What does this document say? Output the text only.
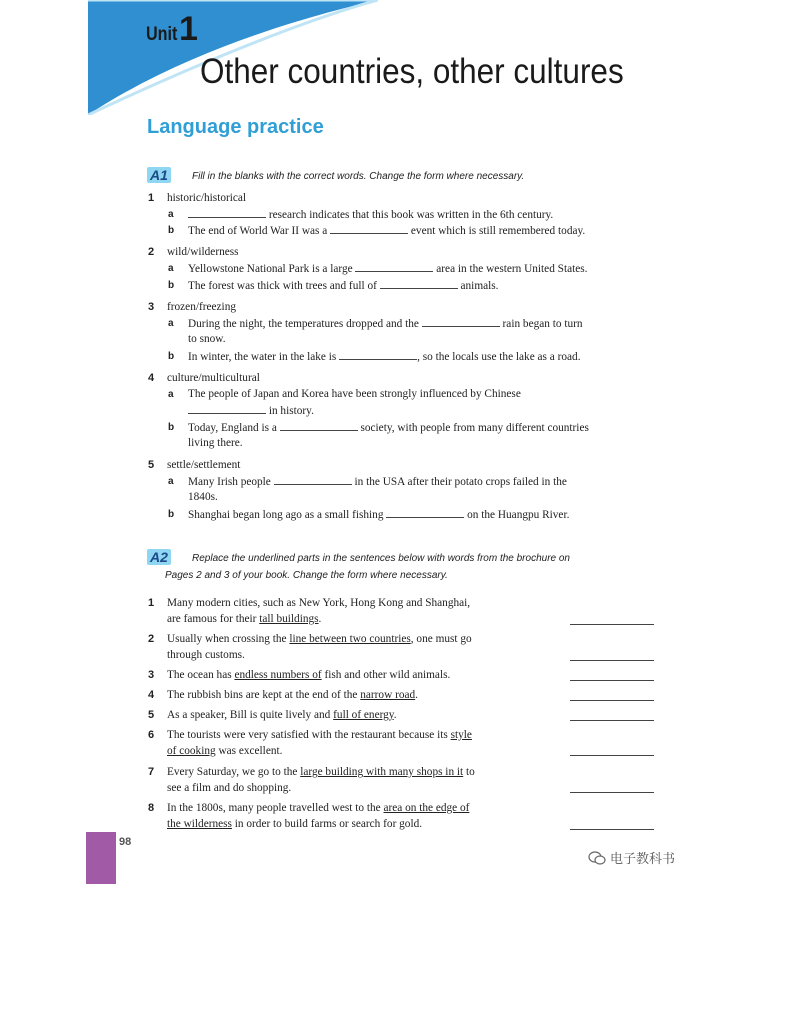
Unit 1
Other countries, other cultures
Language practice
A1	Fill in the blanks with the correct words. Change the form where necessary.
1 historic/historical
a	research indicates that this book was written in the 6th century.
b The end of World War II was a	event which is still remembered today.
2 wild/wilderness
a Yellowstone National Park is a large	area in the western United States.
b The forest was thick with trees and full of	animals.
3 frozen/freezing
a During the night, the temperatures dropped and the	rain began to turn
to snow.
b In winter, the water in the lake is	, so the locals use the lake as a road.
4 culture/multicultural
a The people of Japan and Korea have been strongly influenced by Chinese
in history.
b Today, England is a	society, with people from many different countries
living there.
5 settle/settlement
a Many Irish people	in the USA after their potato crops failed in the
1840s.
b Shanghai began long ago as a small fishing	on the Huangpu River.
A2	Replace the underlined parts in the sentences below with words from the brochure on
Pages 2 and 3 of your book. Change the form where necessary.
1 Many modern cities, such as New York, Hong Kong and Shanghai,
are famous for their tall buildings.
2 Usually when crossing the line between two countries, one must go
through customs.
3 The ocean has endless numbers of fish and other wild animals.
4 The rubbish bins are kept at the end of the narrow road.
5 As a speaker, Bill is quite lively and full of energy.
6 The tourists were very satisfied with the restaurant because its style
of cooking was excellent.
7 Every Saturday, we go to the large building with many shops in it to
see a film and do shopping.
8 In the 1800s, many people travelled west to the area on the edge of
the wilderness in order to build farms or search for gold.
98
电子教科书
